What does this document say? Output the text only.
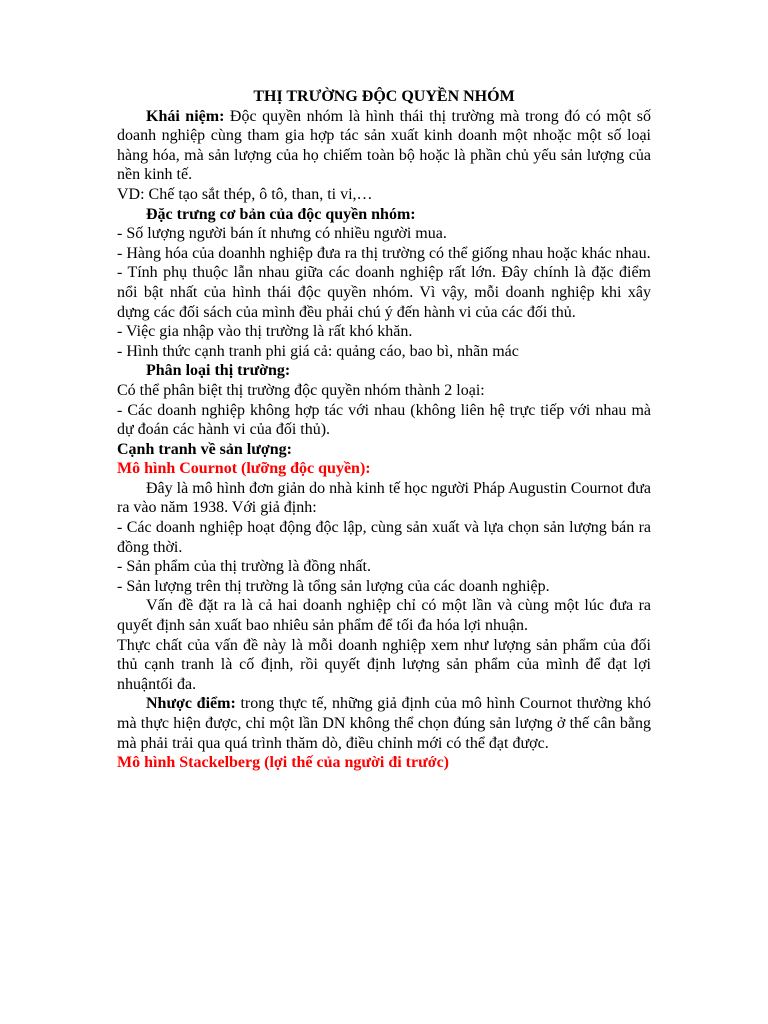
THỊ TRƯỜNG ĐỘC QUYỀN NHÓM

Khái niệm: Độc quyền nhóm là hình thái thị trường mà trong đó có một số doanh nghiệp cùng tham gia hợp tác sản xuất kinh doanh một nhoặc một số loại hàng hóa, mà sản lượng của họ chiếm toàn bộ hoặc là phần chủ yếu sản lượng của nền kinh tế.

VD: Chế tạo sắt thép, ô tô, than, ti vi,…

Đặc trưng cơ bản của độc quyền nhóm:

- Số lượng người bán ít nhưng có nhiều người mua.

- Hàng hóa của doanhh nghiệp đưa ra thị trường có thể giống nhau hoặc khác nhau.

- Tính phụ thuộc lẫn nhau giữa các doanh nghiệp rất lớn. Đây chính là đặc điểm nổi bật nhất của hình thái độc quyền nhóm. Vì vậy, mỗi doanh nghiệp khi xây dựng các đối sách của mình đều phải chú ý đến hành vi của các đối thủ.

- Việc gia nhập vào thị trường là rất khó khăn.

- Hình thức cạnh tranh phi giá cả: quảng cáo, bao bì, nhãn mác

Phân loại thị trường:

Có thể phân biệt thị trường độc quyền nhóm thành 2 loại:

- Các doanh nghiệp không hợp tác với nhau (không liên hệ trực tiếp với nhau mà dự đoán các hành vi của đối thủ).

Cạnh tranh về sản lượng:

Mô hình Cournot (lưỡng độc quyền):

Đây là mô hình đơn giản do nhà kinh tế học người Pháp Augustin Cournot đưa ra vào năm 1938. Với giả định:

- Các doanh nghiệp hoạt động độc lập, cùng sản xuất và lựa chọn sản lượng bán ra đồng thời.

- Sản phẩm của thị trường là đồng nhất.

- Sản lượng trên thị trường là tổng sản lượng của các doanh nghiệp.

Vấn đề đặt ra là cả hai doanh nghiệp chỉ có một lần và cùng một lúc đưa ra quyết định sản xuất bao nhiêu sản phẩm để tối đa hóa lợi nhuận.

Thực chất của vấn đề này là mỗi doanh nghiệp xem như lượng sản phẩm của đối thủ cạnh tranh là cố định, rồi quyết định lượng sản phẩm của mình để đạt lợi nhuậntối đa.

Nhược điểm: trong thực tế, những giả định của mô hình Cournot thường khó mà thực hiện được, chỉ một lần DN không thể chọn đúng sản lượng ở thế cân bằng mà phải trải qua quá trình thăm dò, điều chỉnh mới có thể đạt được.

Mô hình Stackelberg (lợi thế của người đi trước)
